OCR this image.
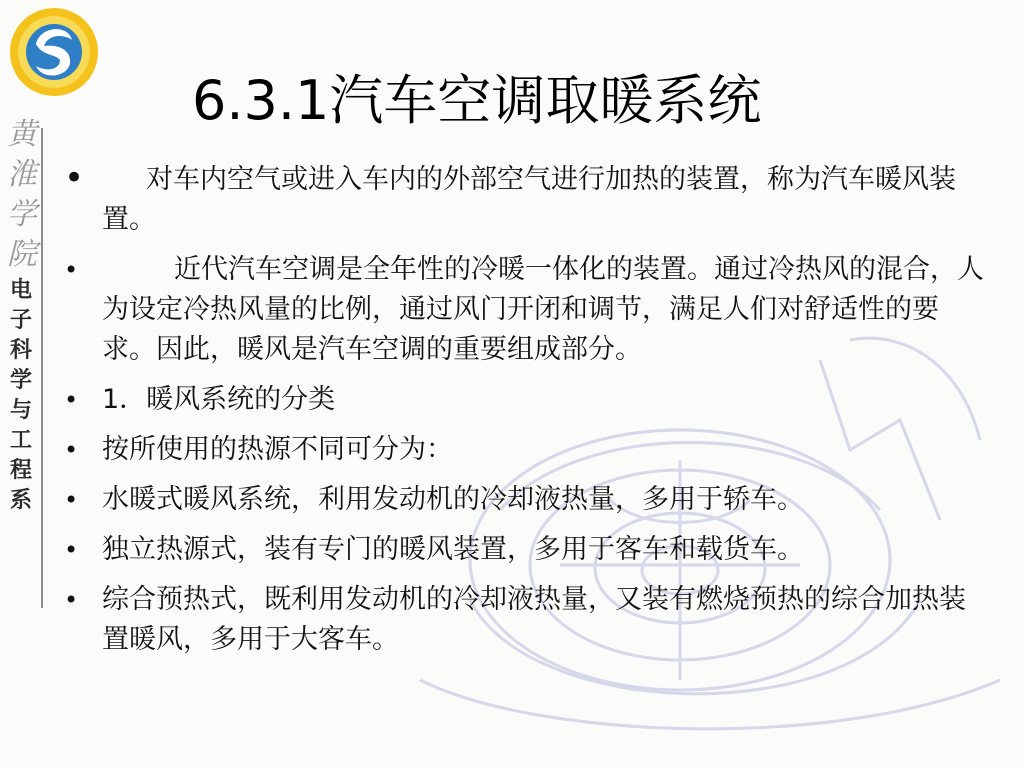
黄
淮
学
院
电
子
科
学
与
工
程
系
6.3.1汽车空调取暖系统
•	对车内空气或进入车内的外部空气进行加热的装置，称为汽车暖风装置。
•	近代汽车空调是全年性的冷暖一体化的装置。通过冷热风的混合，人为设定冷热风量的比例，通过风门开闭和调节，满足人们对舒适性的要求。因此，暖风是汽车空调的重要组成部分。
• 1．暖风系统的分类
• 按所使用的热源不同可分为：
• 水暖式暖风系统，利用发动机的冷却液热量，多用于轿车。
• 独立热源式，装有专门的暖风装置，多用于客车和载货车。
• 综合预热式，既利用发动机的冷却液热量，又装有燃烧预热的综合加热装置暖风，多用于大客车。
